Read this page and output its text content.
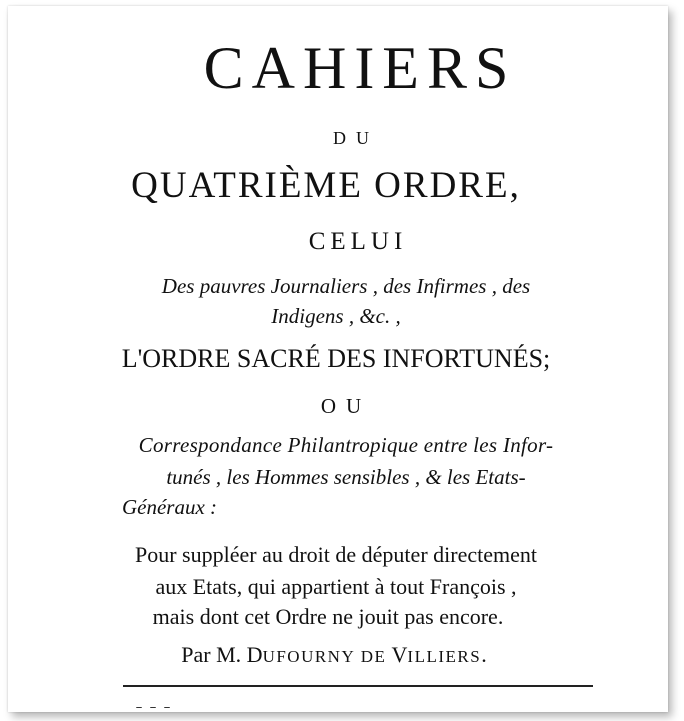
CAHIERS
DU
QUATRIÈME ORDRE,
CELUI
Des pauvres Journaliers , des Infirmes , des
Indigens , &c. ,
L'ORDRE SACRÉ DES INFORTUNÉS;
OU
Correspondance Philantropique entre les Infor-
tunés , les Hommes sensibles , & les Etats-
Généraux :
Pour suppléer au droit de députer directement
aux Etats, qui appartient à tout François ,
mais dont cet Ordre ne jouit pas encore.
Par M. DUFOURNY DE VILLIERS.
